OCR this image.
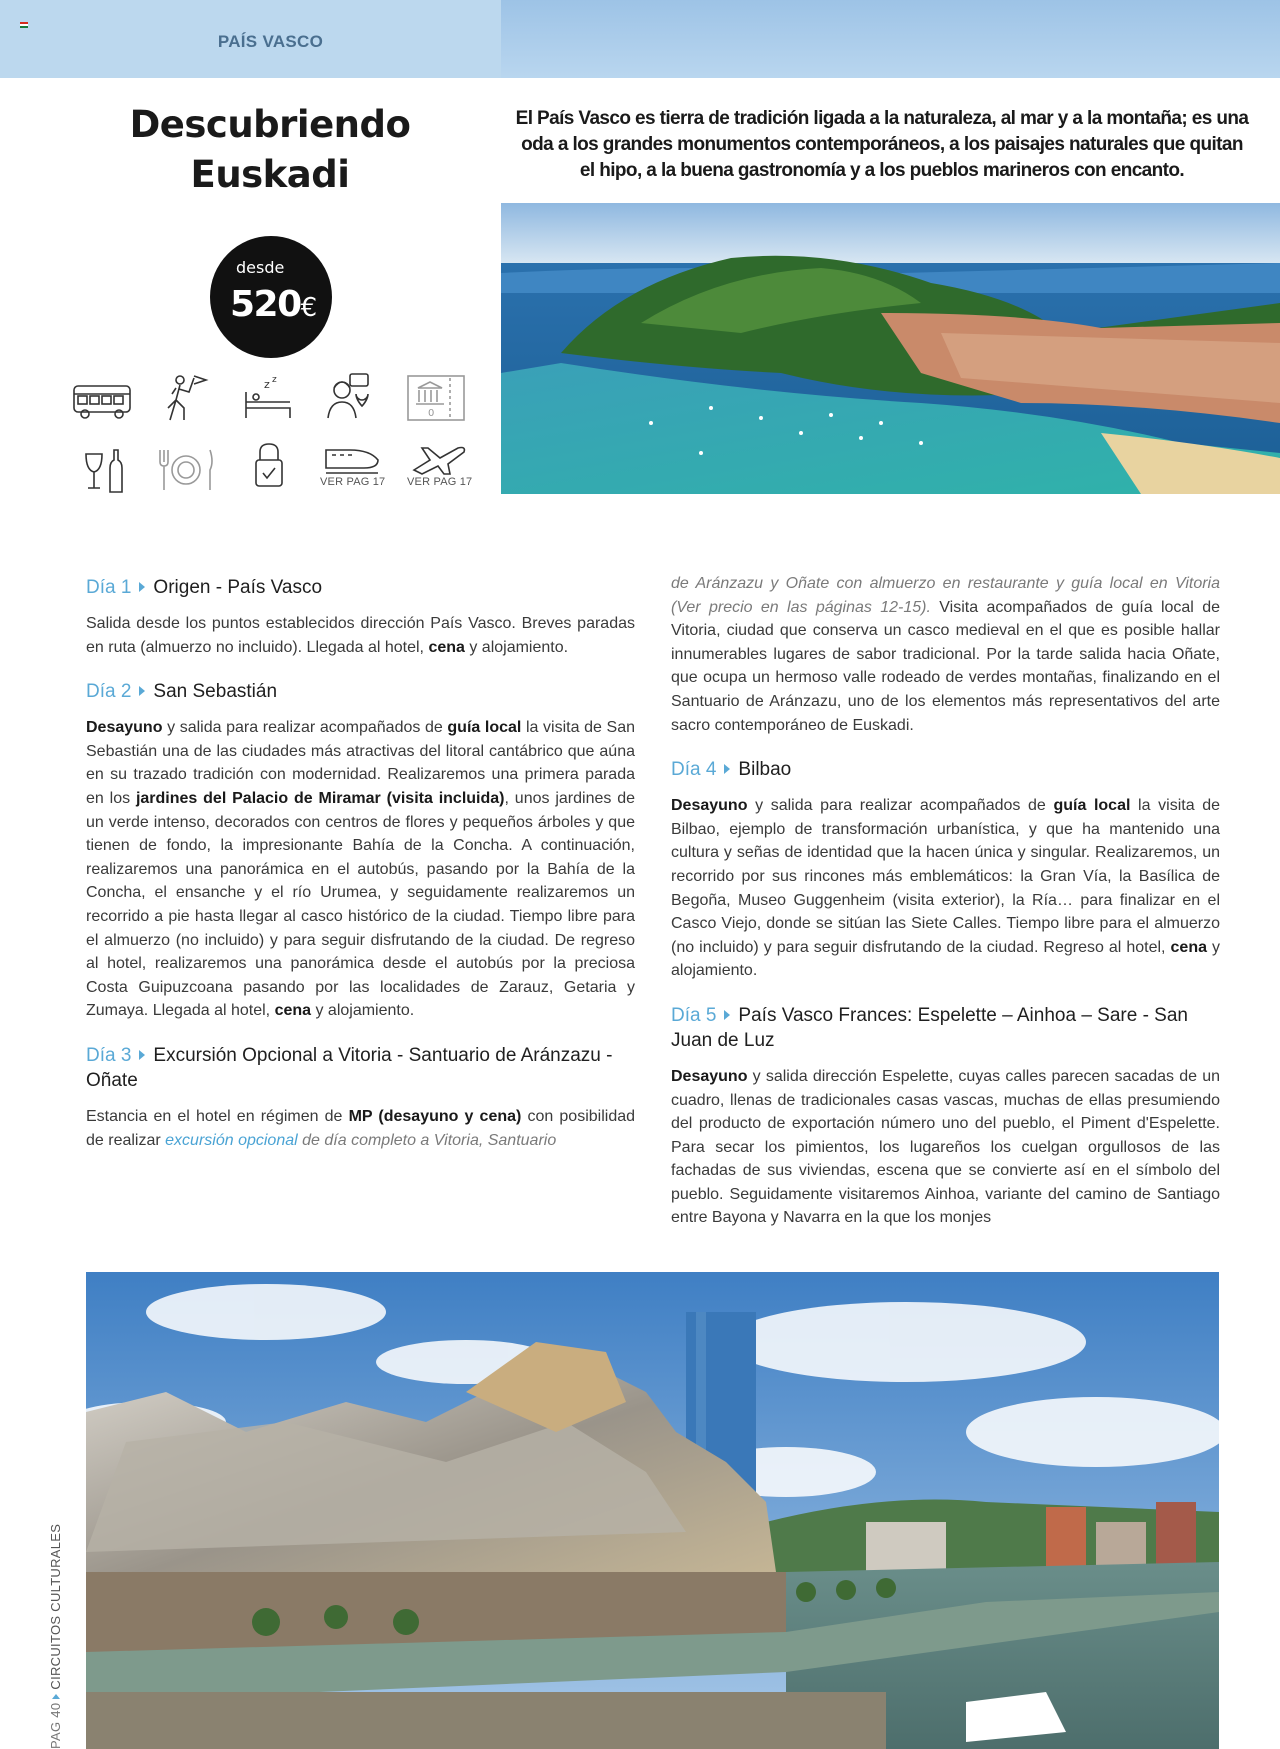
PAÍS VASCO
Descubriendo
Euskadi
desde
520€
z z
0
VER PAG 17 VER PAG 17
El País Vasco es tierra de tradición ligada a la naturaleza, al mar y a la montaña; es una oda a los grandes monumentos contemporáneos, a los paisajes naturales que quitan el hipo, a la buena gastronomía y a los pueblos marineros con encanto.
Día 1 Origen - País Vasco

Salida desde los puntos establecidos dirección País Vasco. Breves paradas en ruta (almuerzo no incluido). Llegada al hotel, cena y alojamiento.

Día 2 San Sebastián

Desayuno y salida para realizar acompañados de guía local la visita de San Sebastián una de las ciudades más atractivas del litoral cantábrico que aúna en su trazado tradición con modernidad. Realizaremos una primera parada en los jardines del Palacio de Miramar (visita incluida), unos jardines de un verde intenso, decorados con centros de flores y pequeños árboles y que tienen de fondo, la impresionante Bahía de la Concha. A continuación, realizaremos una panorámica en el autobús, pasando por la Bahía de la Concha, el ensanche y el río Urumea, y seguidamente realizaremos un recorrido a pie hasta llegar al casco histórico de la ciudad. Tiempo libre para el almuerzo (no incluido) y para seguir disfrutando de la ciudad. De regreso al hotel, realizaremos una panorámica desde el autobús por la preciosa Costa Guipuzcoana pasando por las localidades de Zarauz, Getaria y Zumaya. Llegada al hotel, cena y alojamiento.

Día 3 Excursión Opcional a Vitoria - Santuario de Aránzazu - Oñate

Estancia en el hotel en régimen de MP (desayuno y cena) con posibilidad de realizar excursión opcional de día completo a Vitoria, Santuario

de Aránzazu y Oñate con almuerzo en restaurante y guía local en Vitoria (Ver precio en las páginas 12-15). Visita acompañados de guía local de Vitoria, ciudad que conserva un casco medieval en el que es posible hallar innumerables lugares de sabor tradicional. Por la tarde salida hacia Oñate, que ocupa un hermoso valle rodeado de verdes montañas, finalizando en el Santuario de Aránzazu, uno de los elementos más representativos del arte sacro contemporáneo de Euskadi.

Día 4 Bilbao

Desayuno y salida para realizar acompañados de guía local la visita de Bilbao, ejemplo de transformación urbanística, y que ha mantenido una cultura y señas de identidad que la hacen única y singular. Realizaremos, un recorrido por sus rincones más emblemáticos: la Gran Vía, la Basílica de Begoña, Museo Guggenheim (visita exterior), la Ría… para finalizar en el Casco Viejo, donde se sitúan las Siete Calles. Tiempo libre para el almuerzo (no incluido) y para seguir disfrutando de la ciudad. Regreso al hotel, cena y alojamiento.

Día 5 País Vasco Frances: Espelette – Ainhoa – Sare - San Juan de Luz

Desayuno y salida dirección Espelette, cuyas calles parecen sacadas de un cuadro, llenas de tradicionales casas vascas, muchas de ellas presumiendo del producto de exportación número uno del pueblo, el Piment d'Espelette. Para secar los pimientos, los lugareños los cuelgan orgullosos de las fachadas de sus viviendas, escena que se convierte así en el símbolo del pueblo. Seguidamente visitaremos Ainhoa, variante del camino de Santiago entre Bayona y Navarra en la que los monjes

PAG 40CIRCUITOS CULTURALES
